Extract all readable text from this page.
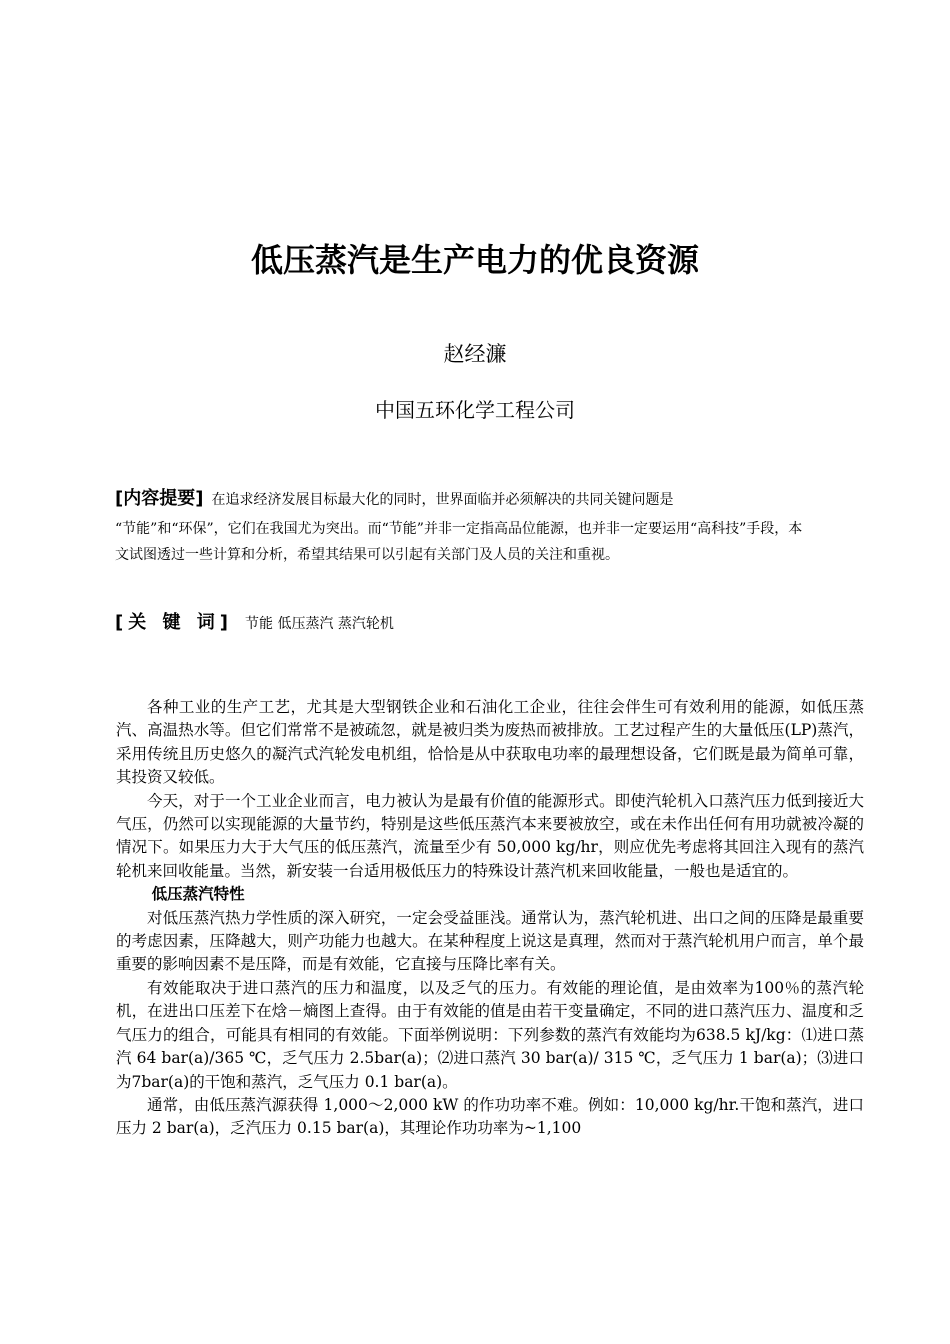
低压蒸汽是生产电力的优良资源
赵经濂
中国五环化学工程公司
[内容提要] 在追求经济发展目标最大化的同时，世界面临并必须解决的共同关键问题是
“节能”和“环保”，它们在我国尤为突出。而“节能”并非一定指高品位能源，也并非一定要运用“高科技”手段，本文试图透过一些计算和分析，希望其结果可以引起有关部门及人员的关注和重视。
[关 键 词] 节能 低压蒸汽 蒸汽轮机

各种工业的生产工艺，尤其是大型钢铁企业和石油化工企业，往往会伴生可有效利用的能源，如低压蒸汽、高温热水等。但它们常常不是被疏忽，就是被归类为废热而被排放。工艺过程产生的大量低压(LP)蒸汽，采用传统且历史悠久的凝汽式汽轮发电机组，恰恰是从中获取电功率的最理想设备，它们既是最为简单可靠，其投资又较低。

今天，对于一个工业企业而言，电力被认为是最有价值的能源形式。即使汽轮机入口蒸汽压力低到接近大气压，仍然可以实现能源的大量节约，特别是这些低压蒸汽本来要被放空，或在未作出任何有用功就被冷凝的情况下。如果压力大于大气压的低压蒸汽，流量至少有 50,000 kg/hr，则应优先考虑将其回注入现有的蒸汽轮机来回收能量。当然，新安装一台适用极低压力的特殊设计蒸汽机来回收能量，一般也是适宜的。

低压蒸汽特性

对低压蒸汽热力学性质的深入研究，一定会受益匪浅。通常认为，蒸汽轮机进、出口之间的压降是最重要的考虑因素，压降越大，则产功能力也越大。在某种程度上说这是真理，然而对于蒸汽轮机用户而言，单个最重要的影响因素不是压降，而是有效能，它直接与压降比率有关。

有效能取决于进口蒸汽的压力和温度，以及乏气的压力。有效能的理论值，是由效率为100％的蒸汽轮机，在进出口压差下在焓－熵图上查得。由于有效能的值是由若干变量确定，不同的进口蒸汽压力、温度和乏气压力的组合，可能具有相同的有效能。下面举例说明：下列参数的蒸汽有效能均为638.5 kJ/kg：⑴进口蒸汽 64 bar(a)/365 ℃，乏气压力 2.5bar(a)；⑵进口蒸汽 30 bar(a)/ 315 ℃，乏气压力 1 bar(a)；⑶进口为7bar(a)的干饱和蒸汽，乏气压力 0.1 bar(a)。

通常，由低压蒸汽源获得 1,000～2,000 kW 的作功功率不难。例如：10,000 kg/hr.干饱和蒸汽，进口压力 2 bar(a)，乏汽压力 0.15 bar(a)，其理论作功功率为~1,100
